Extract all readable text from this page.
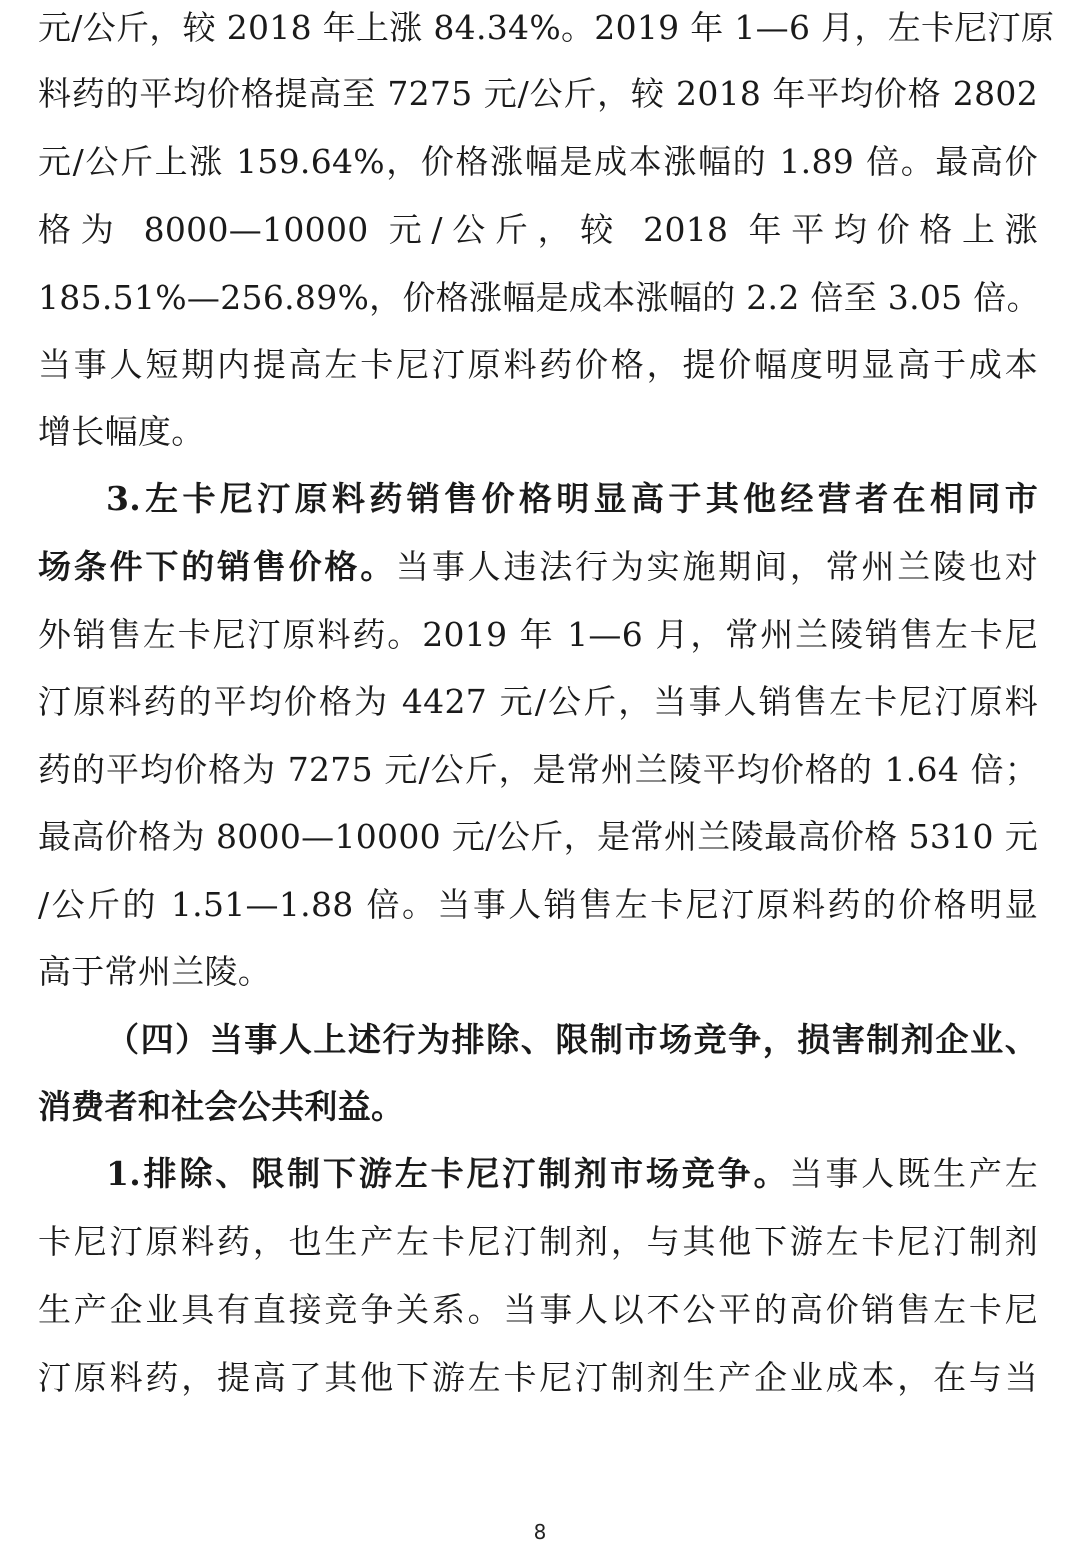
元/公斤，较 2018 年上涨 84.34%。2019 年 1—6 月，左卡尼汀原
料药的平均价格提高至 7275 元/公斤，较 2018 年平均价格 2802
元/公斤上涨 159.64%，价格涨幅是成本涨幅的 1.89 倍。最高价
格为 8000—10000 元/公斤，较 2018 年平均价格上涨
185.51%—256.89%，价格涨幅是成本涨幅的 2.2 倍至 3.05 倍。
当事人短期内提高左卡尼汀原料药价格，提价幅度明显高于成本
增长幅度。
3.左卡尼汀原料药销售价格明显高于其他经营者在相同市
场条件下的销售价格。当事人违法行为实施期间，常州兰陵也对
外销售左卡尼汀原料药。2019 年 1—6 月，常州兰陵销售左卡尼
汀原料药的平均价格为 4427 元/公斤，当事人销售左卡尼汀原料
药的平均价格为 7275 元/公斤，是常州兰陵平均价格的 1.64 倍；
最高价格为 8000—10000 元/公斤，是常州兰陵最高价格 5310 元
/公斤的 1.51—1.88 倍。当事人销售左卡尼汀原料药的价格明显
高于常州兰陵。
（四）当事人上述行为排除、限制市场竞争，损害制剂企业、
消费者和社会公共利益。
1.排除、限制下游左卡尼汀制剂市场竞争。当事人既生产左
卡尼汀原料药，也生产左卡尼汀制剂，与其他下游左卡尼汀制剂
生产企业具有直接竞争关系。当事人以不公平的高价销售左卡尼
汀原料药，提高了其他下游左卡尼汀制剂生产企业成本，在与当
8
